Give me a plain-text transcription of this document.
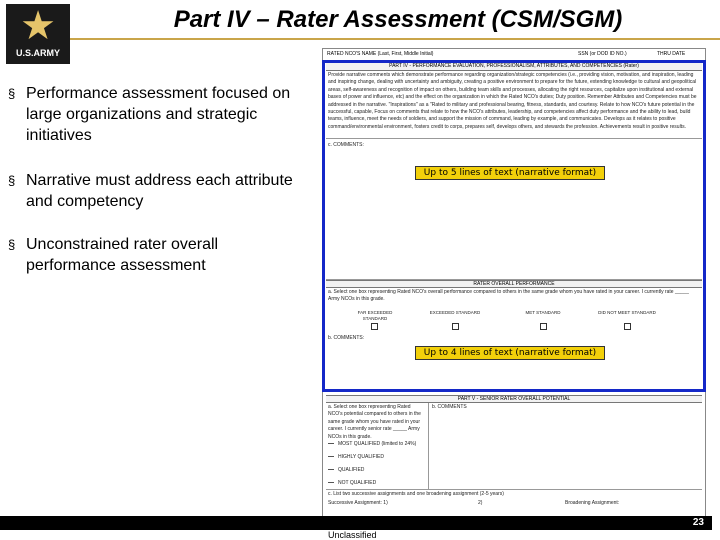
★
U.S.ARMY
Part IV – Rater Assessment (CSM/SGM)
§ Performance assessment focused on large organizations and strategic initiatives
§ Narrative must address each attribute and competency
§ Unconstrained rater overall performance assessment
RATED NCO'S NAME (Last, First, Middle Initial)	SSN (or DOD ID NO.)	THRU DATE
PART IV - PERFORMANCE EVALUATION, PROFESSIONALISM, ATTRIBUTES, AND COMPETENCIES (Rater)
Provide narrative comments which demonstrate performance regarding organization/strategic competencies (i.e., providing vision, motivation, and inspiration, leading and inspiring change, dealing with uncertainty and ambiguity, creating a positive environment to prepare for the future, extending knowledge to cultural and geopolitical areas, self-awareness and recognition of impact on others, building team skills and processes, allocating the right resources, capitalize upon institutional and external bases of power and influence, etc) and the effect on the organization in which the Rated NCO's duties; Duty position. Remember Attributes and Competencies must be addressed in the narrative. "Inspirations" as a "Rated to military and professional bearing, fitness, standards, and courtesy. Relate to how NCO's future potential in the successful, capable, Focus on comments that relate to how the NCO's attributes, leadership, and competencies affect duty performance and the ability to lead, build teams, influence, meet the needs of soldiers, and support the mission of command, leading by example, and communicates. Develops as it relates to positive command/environmental environment, fosters credit to corps, prepares self, develops others, and stewards the profession. Achievements result in positive results.
c. COMMENTS:
Up to 5 lines of text (narrative format)
RATER OVERALL PERFORMANCE
a. Select one box representing Rated NCO's overall performance compared to others in the same grade whom you have rated in your career. I currently rate _____ Army NCOs in this grade.
FAR EXCEEDED STANDARD
EXCEEDED STANDARD	MET STANDARD	DID NOT MEET STANDARD
b. COMMENTS:
Up to 4 lines of text (narrative format)
PART V - SENIOR RATER OVERALL POTENTIAL
a. Select one box representing Rated NCO's potential compared to others in the same grade whom you have rated in your career. I currently senior rate _____ Army NCOs in this grade.
b. COMMENTS
MOST QUALIFIED (limited to 24%)
HIGHLY QUALIFIED
QUALIFIED
NOT QUALIFIED
c. List two successive assignments and one broadening assignment (2-5 years)
Successive Assignment: 1)	2)	Broadening Assignment:
23
Unclassified
